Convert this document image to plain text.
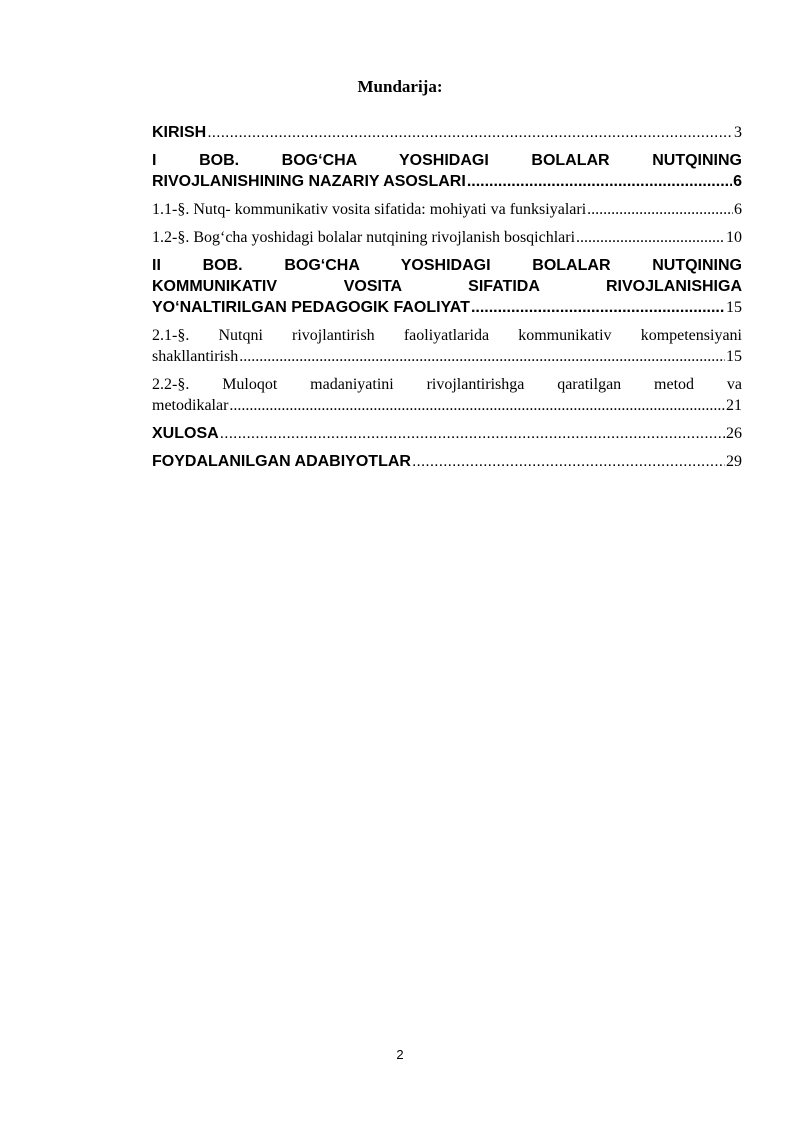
Mundarija:
KIRISH .....	3
I BOB. BOG‘CHA YOSHIDAGI BOLALAR NUTQINING
RIVOJLANISHINING NAZARIY ASOSLARI .....	6
1.1-§. Nutq- kommunikativ vosita sifatida: mohiyati va funksiyalari .....	6
1.2-§. Bog‘cha yoshidagi bolalar nutqining rivojlanish bosqichlari .....	10
II BOB. BOG‘CHA YOSHIDAGI BOLALAR NUTQINING
KOMMUNIKATIV VOSITA SIFATIDA RIVOJLANISHIGA
YO‘NALTIRILGAN PEDAGOGIK FAOLIYAT .....	15
2.1-§. Nutqni rivojlantirish faoliyatlarida kommunikativ kompetensiyani
shakllantirish .....	15
2.2-§. Muloqot madaniyatini rivojlantirishga qaratilgan metod va
metodikalar .....	21
XULOSA .....	26
FOYDALANILGAN ADABIYOTLAR .....	29
2
